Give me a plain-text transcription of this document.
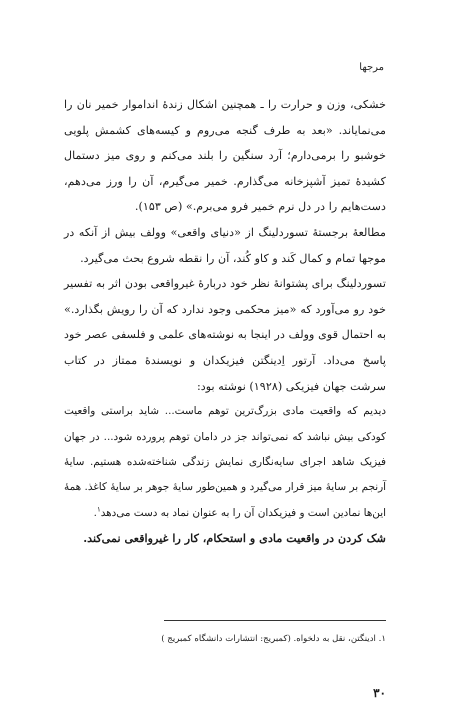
مرجها

خشکی، وزن و حرارت را ـ همچنین اشکال زندهٔ انداموار خمیر نان را می‌نمایاند. «بعد به طرف گنجه می‌روم و کیسه‌های کشمش پلویی خوشبو را برمی‌دارم؛ آرد سنگین را بلند می‌کنم و روی میز دستمال کشیدهٔ تمیز آشپزخانه می‌گذارم. خمیر می‌گیرم، آن را ورز می‌دهم، دست‌هایم را در دل نرم خمیر فرو می‌برم.» (ص ۱۵۳).

مطالعهٔ برجستهٔ تسوردلینگ از «دنیای واقعی» وولف بیش از آنکه در موجها تمام و کمال کَند و کاو کُند، آن را نقطه شروع بحث می‌گیرد.

تسوردلینگ برای پشتوانهٔ نظر خود دربارهٔ غیرواقعی بودن اثر به تفسیر خود رو می‌آورد که «میز محکمی وجود ندارد که آن را رویش بگذارد.» به احتمال قوی وولف در اینجا به نوشته‌های علمی و فلسفی عصر خود پاسخ می‌داد. آرتور اِدینگتن فیزیکدان و نویسندهٔ ممتاز در کتاب سرشت جهان فیزیکی (۱۹۲۸) نوشته بود:

دیدیم که واقعیت مادی بزرگ‌ترین توهم ماست... شاید براستی واقعیت کودکی بیش نباشد که نمی‌تواند جز در دامان توهم پرورده شود... در جهان فیزیک شاهد اجرای سایه‌نگاری نمایش زندگی شناخته‌شده هستیم. سایهٔ آرنجم بر سایهٔ میز قرار می‌گیرد و همین‌طور سایهٔ جوهر بر سایهٔ کاغذ. همهٔ این‌ها نمادین است و فیزیکدان آن را به عنوان نماد به دست می‌دهد$^۱$.

شک کردن در واقعیت مادی و استحکام، کار را غیرواقعی نمی‌کند.

۱. ادینگتن، نقل به دلخواه. (کمبریج: انتشارات دانشگاه کمبریج )
۳۰
